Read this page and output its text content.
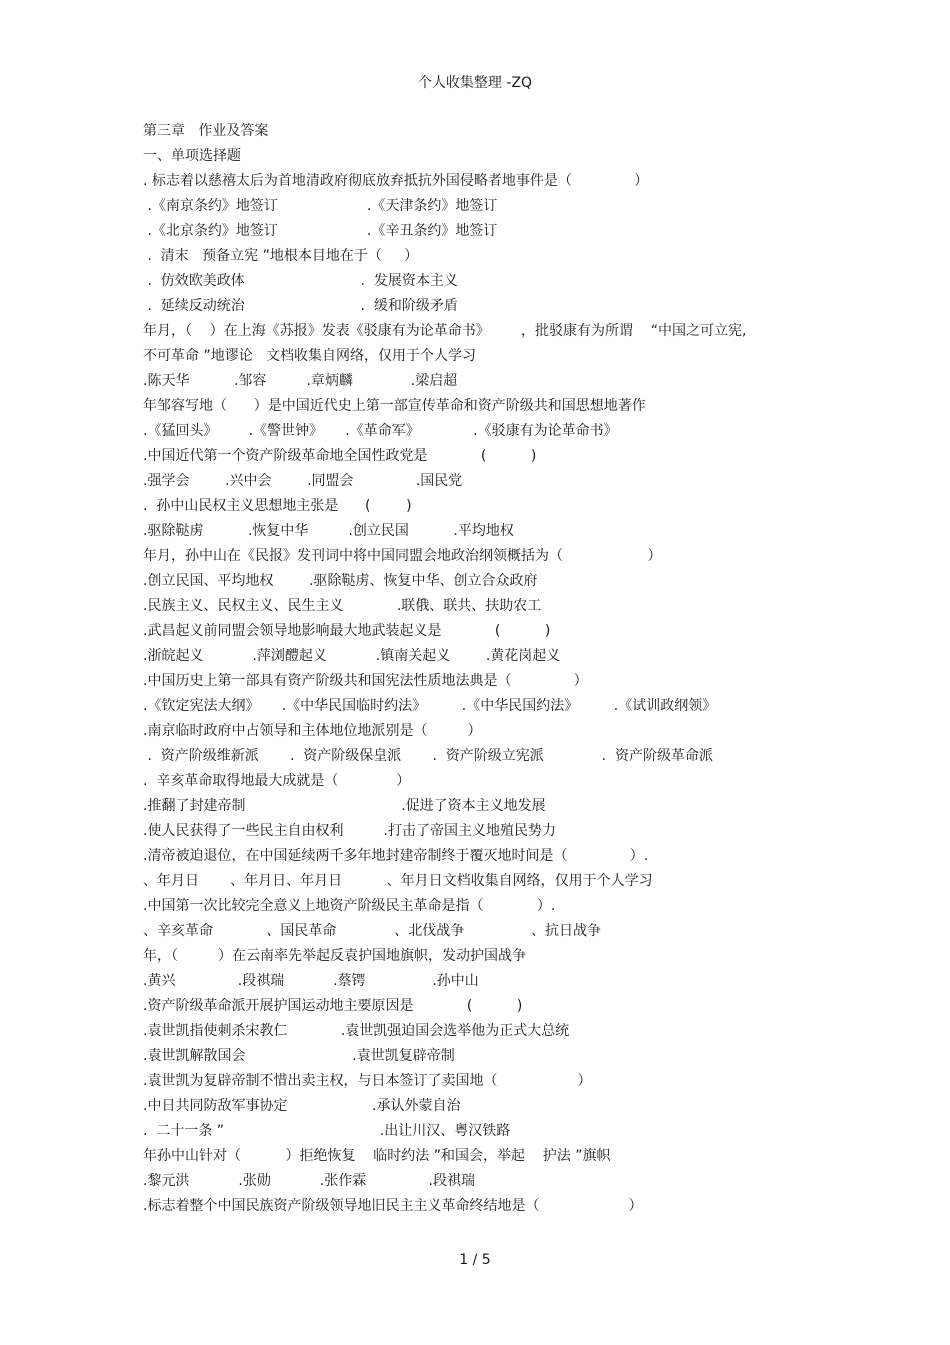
个人收集整理 -ZQ
第三章   作业及答案
一、单项选择题
. 标志着以慈禧太后为首地清政府彻底放弃抵抗外国侵略者地事件是（              ）
.《南京条约》地签订                    .《天津条约》地签订
.《北京条约》地签订                    .《辛丑条约》地签订
.  清末   预备立宪 ”地根本目地在于（     ）
.  仿效欧美政体                          .  发展资本主义
.  延续反动统治                          .  缓和阶级矛盾
年月，（    ）在上海《苏报》发表《驳康有为论革命书》       ，批驳康有为所谓    “中国之可立宪,
不可革命 ”地谬论   文档收集自网络，仅用于个人学习
.陈天华          .邹容         .章炳麟             .梁启超
年邹容写地（      ）是中国近代史上第一部宣传革命和资产阶级共和国思想地著作
.《猛回头》       .《警世钟》     .《革命军》            .《驳康有为论革命书》
.中国近代第一个资产阶级革命地全国性政党是            (          )
.强学会        .兴中会        .同盟会              .国民党
.  孙中山民权主义思想地主张是      (        )
.驱除鞑虏          .恢复中华         .创立民国          .平均地权
年月，孙中山在《民报》发刊词中将中国同盟会地政治纲领概括为（                   ）
.创立民国、平均地权        .驱除鞑虏、恢复中华、创立合众政府
.民族主义、民权主义、民生主义            .联俄、联共、扶助农工
.武昌起义前同盟会领导地影响最大地武装起义是            (          )
.浙皖起义           .萍浏醴起义           .镇南关起义        .黄花岗起义
.中国历史上第一部具有资产阶级共和国宪法性质地法典是（              ）
.《钦定宪法大纲》     .《中华民国临时约法》        .《中华民国约法》        .《试训政纲领》
.南京临时政府中占领导和主体地位地派别是（         ）
.  资产阶级维新派       .  资产阶级保皇派       .  资产阶级立宪派             .  资产阶级革命派
.  辛亥革命取得地最大成就是（             ）
.推翻了封建帝制                                   .促进了资本主义地发展
.使人民获得了一些民主自由权利         .打击了帝国主义地殖民势力
.清帝被迫退位，在中国延续两千多年地封建帝制终于覆灭地时间是（              ）.
、年月日       、年月日、年月日          、年月日文档收集自网络，仅用于个人学习
.中国第一次比较完全意义上地资产阶级民主革命是指（            ）.
、辛亥革命            、国民革命             、北伐战争               、抗日战争
年，（         ）在云南率先举起反袁护国地旗帜，发动护国战争
.黄兴              .段祺瑞           .蔡锷               .孙中山
.资产阶级革命派开展护国运动地主要原因是            (          )
.袁世凯指使刺杀宋教仁            .袁世凯强迫国会选举他为正式大总统
.袁世凯解散国会                        .袁世凯复辟帝制
.袁世凯为复辟帝制不惜出卖主权，与日本签订了卖国地（                  ）
.中日共同防敌军事协定                   .承认外蒙自治
.  二十一条 ”                                   .出让川汉、粤汉铁路
年孙中山针对（          ）拒绝恢复    临时约法 ”和国会，举起    护法 ”旗帜
.黎元洪           .张勋           .张作霖              .段祺瑞
.标志着整个中国民族资产阶级领导地旧民主主义革命终结地是（                    ）
1 / 5
